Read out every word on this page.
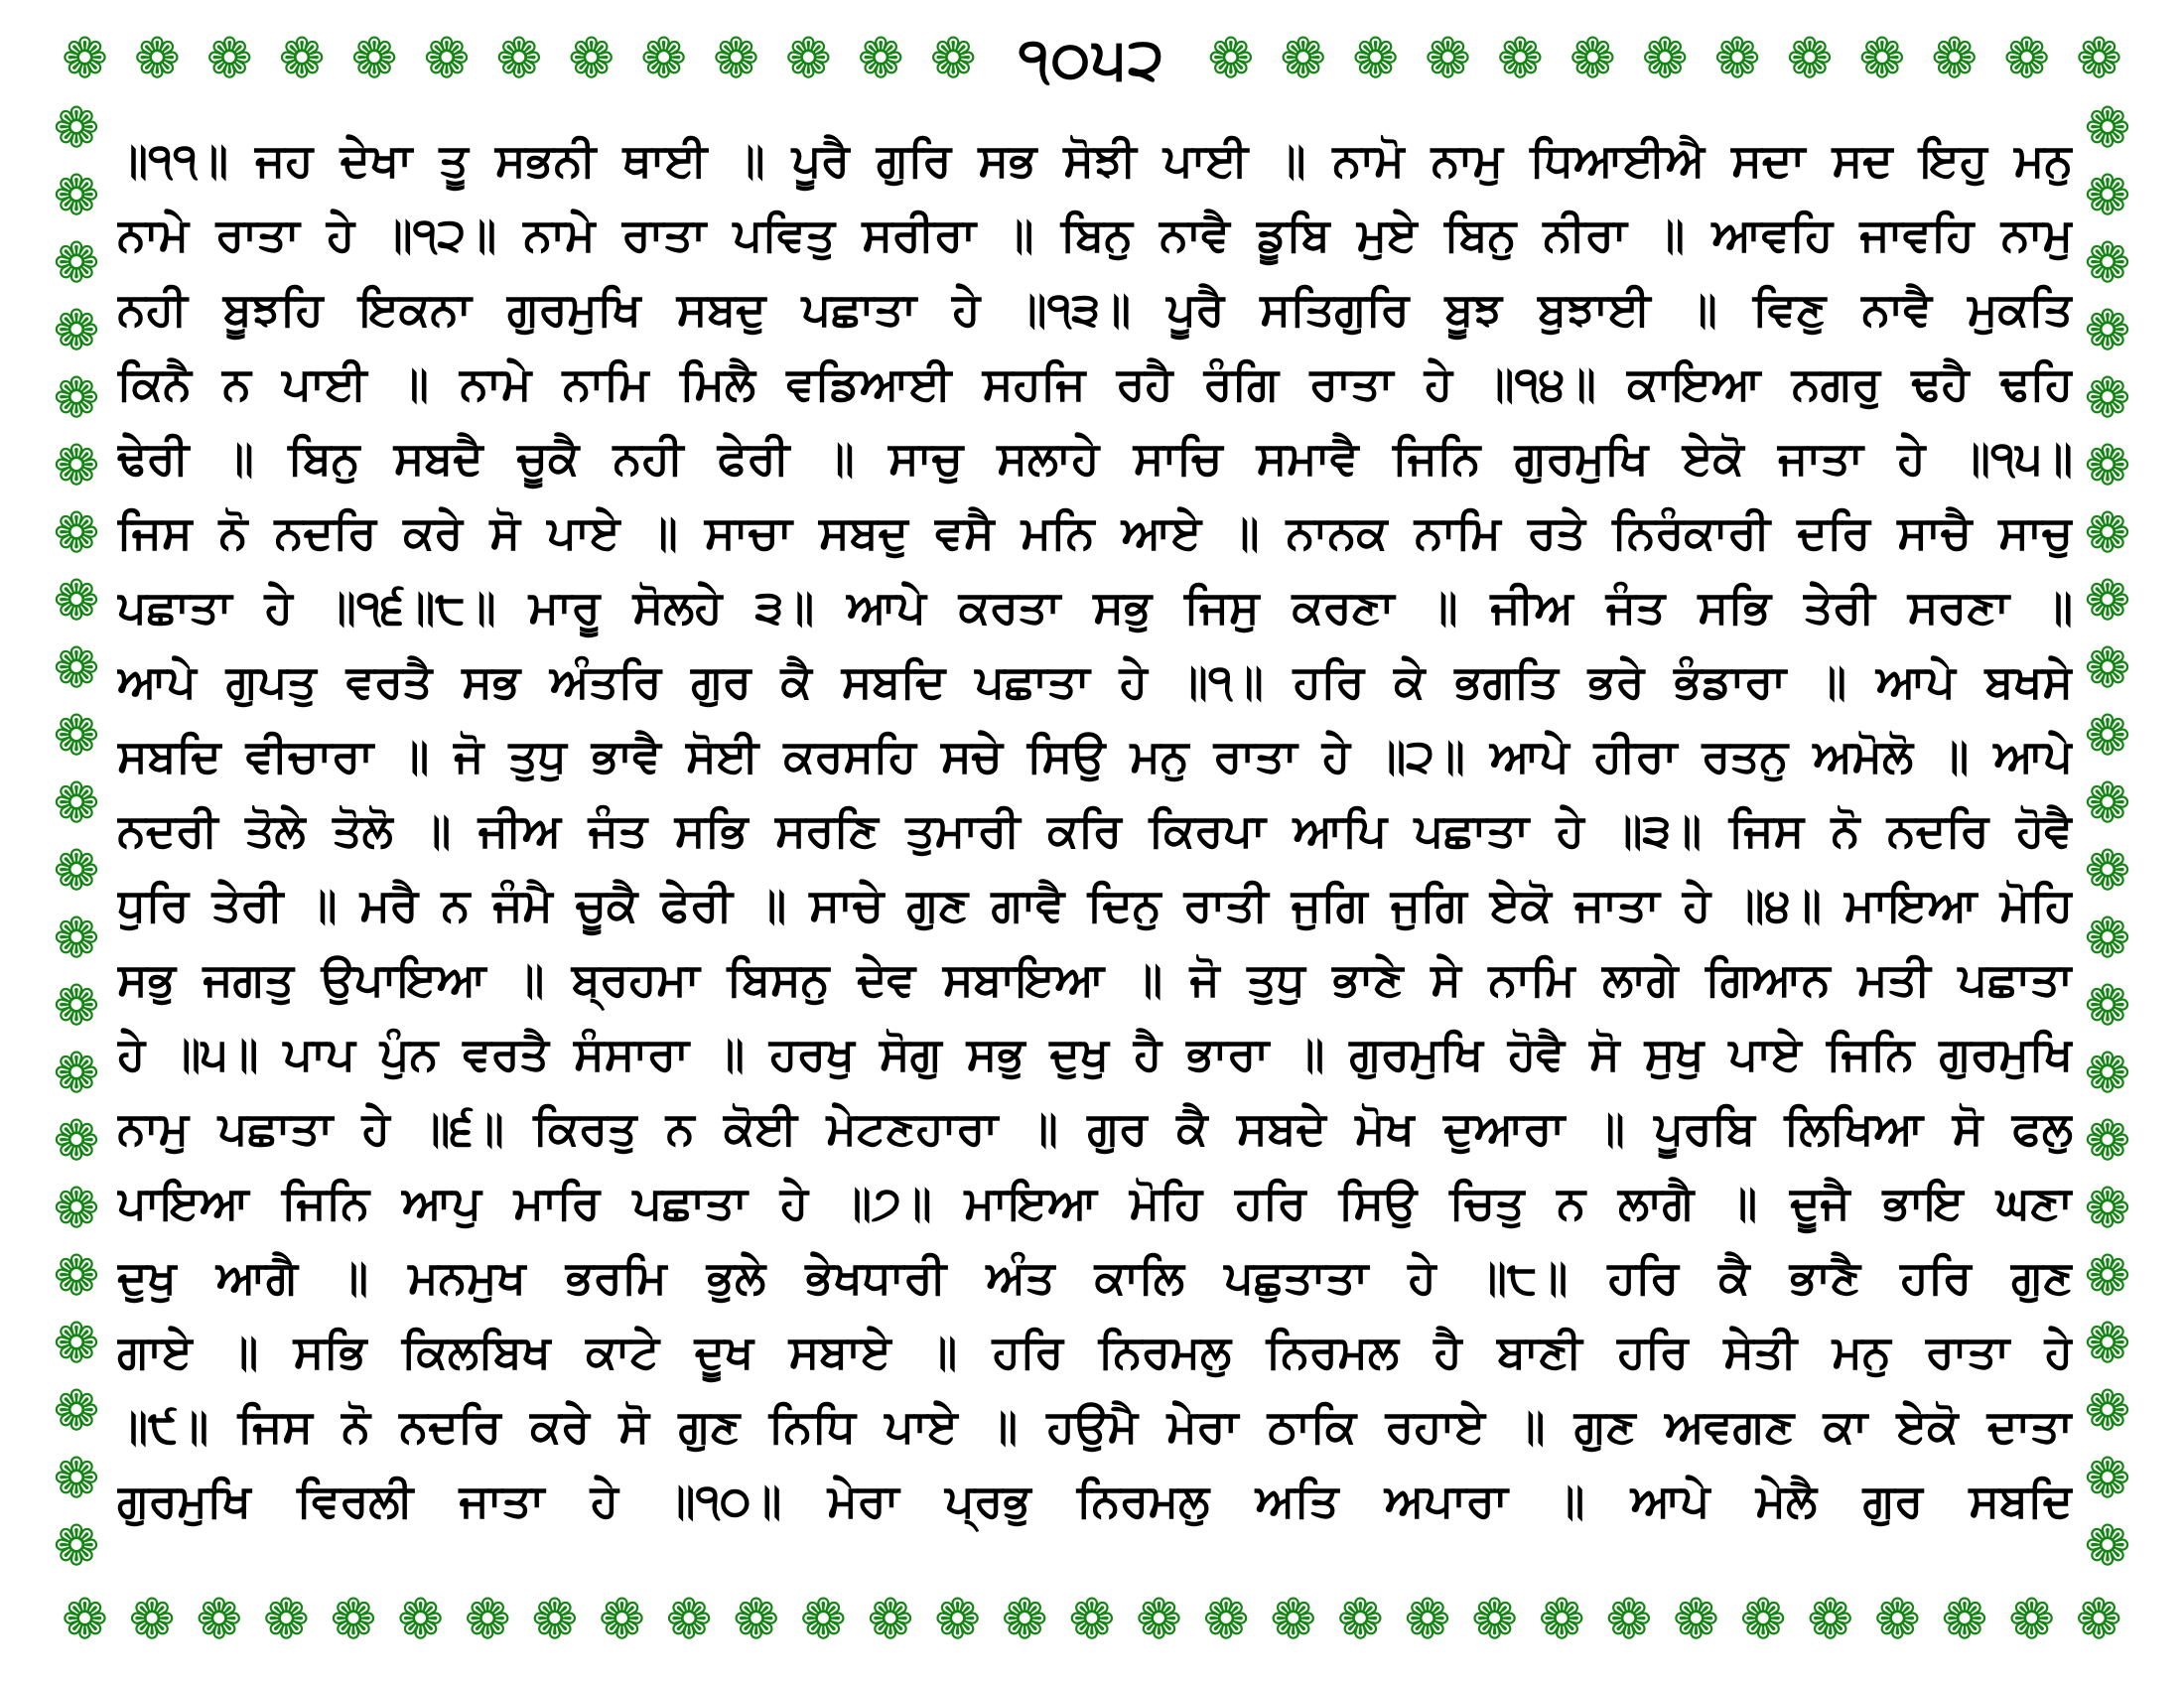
❁ ❁ ❁ ❁ ❁ ❁ ❁ ❁ ❁ ❁ ❁ ❁ ❁ ੧੦੫੨ ❁ ❁ ❁ ❁ ❁ ❁ ❁ ❁ ❁ ❁ ❁ ❁ ❁
❁
❁
❁
❁
❁
❁
❁
❁
❁
❁
❁
❁
❁
❁
❁
❁
❁
❁
❁
❁
❁
❁
❁
❁
❁
❁
❁
❁
❁
❁
❁
❁
❁
❁
❁
❁
❁
❁
❁
❁
❁
❁
❁
❁
॥੧੧॥ ਜਹ ਦੇਖਾ ਤੂ ਸਭਨੀ ਥਾਈ ॥ ਪੂਰੈ ਗੁਰਿ ਸਭ ਸੋਝੀ ਪਾਈ ॥ ਨਾਮੋ ਨਾਮੁ ਧਿਆਈਐ ਸਦਾ ਸਦ ਇਹੁ ਮਨੁ
ਨਾਮੇ ਰਾਤਾ ਹੇ ॥੧੨॥ ਨਾਮੇ ਰਾਤਾ ਪਵਿਤੁ ਸਰੀਰਾ ॥ ਬਿਨੁ ਨਾਵੈ ਡੂਬਿ ਮੁਏ ਬਿਨੁ ਨੀਰਾ ॥ ਆਵਹਿ ਜਾਵਹਿ ਨਾਮੁ
ਨਹੀ ਬੂਝਹਿ ਇਕਨਾ ਗੁਰਮੁਖਿ ਸਬਦੁ ਪਛਾਤਾ ਹੇ ॥੧੩॥ ਪੂਰੈ ਸਤਿਗੁਰਿ ਬੂਝ ਬੁਝਾਈ ॥ ਵਿਣੁ ਨਾਵੈ ਮੁਕਤਿ
ਕਿਨੈ ਨ ਪਾਈ ॥ ਨਾਮੇ ਨਾਮਿ ਮਿਲੈ ਵਡਿਆਈ ਸਹਜਿ ਰਹੈ ਰੰਗਿ ਰਾਤਾ ਹੇ ॥੧੪॥ ਕਾਇਆ ਨਗਰੁ ਢਹੈ ਢਹਿ
ਢੇਰੀ ॥ ਬਿਨੁ ਸਬਦੈ ਚੂਕੈ ਨਹੀ ਫੇਰੀ ॥ ਸਾਚੁ ਸਲਾਹੇ ਸਾਚਿ ਸਮਾਵੈ ਜਿਨਿ ਗੁਰਮੁਖਿ ਏਕੋ ਜਾਤਾ ਹੇ ॥੧੫॥
ਜਿਸ ਨੋ ਨਦਰਿ ਕਰੇ ਸੋ ਪਾਏ ॥ ਸਾਚਾ ਸਬਦੁ ਵਸੈ ਮਨਿ ਆਏ ॥ ਨਾਨਕ ਨਾਮਿ ਰਤੇ ਨਿਰੰਕਾਰੀ ਦਰਿ ਸਾਚੈ ਸਾਚੁ
ਪਛਾਤਾ ਹੇ ॥੧੬॥੮॥ ਮਾਰੂ ਸੋਲਹੇ ੩॥ ਆਪੇ ਕਰਤਾ ਸਭੁ ਜਿਸੁ ਕਰਣਾ ॥ ਜੀਅ ਜੰਤ ਸਭਿ ਤੇਰੀ ਸਰਣਾ ॥
ਆਪੇ ਗੁਪਤੁ ਵਰਤੈ ਸਭ ਅੰਤਰਿ ਗੁਰ ਕੈ ਸਬਦਿ ਪਛਾਤਾ ਹੇ ॥੧॥ ਹਰਿ ਕੇ ਭਗਤਿ ਭਰੇ ਭੰਡਾਰਾ ॥ ਆਪੇ ਬਖਸੇ
ਸਬਦਿ ਵੀਚਾਰਾ ॥ ਜੋ ਤੁਧੁ ਭਾਵੈ ਸੋਈ ਕਰਸਹਿ ਸਚੇ ਸਿਉ ਮਨੁ ਰਾਤਾ ਹੇ ॥੨॥ ਆਪੇ ਹੀਰਾ ਰਤਨੁ ਅਮੋਲੋ ॥ ਆਪੇ
ਨਦਰੀ ਤੋਲੇ ਤੋਲੋ ॥ ਜੀਅ ਜੰਤ ਸਭਿ ਸਰਣਿ ਤੁਮਾਰੀ ਕਰਿ ਕਿਰਪਾ ਆਪਿ ਪਛਾਤਾ ਹੇ ॥੩॥ ਜਿਸ ਨੋ ਨਦਰਿ ਹੋਵੈ
ਧੁਰਿ ਤੇਰੀ ॥ ਮਰੈ ਨ ਜੰਮੈ ਚੂਕੈ ਫੇਰੀ ॥ ਸਾਚੇ ਗੁਣ ਗਾਵੈ ਦਿਨੁ ਰਾਤੀ ਜੁਗਿ ਜੁਗਿ ਏਕੋ ਜਾਤਾ ਹੇ ॥੪॥ ਮਾਇਆ ਮੋਹਿ
ਸਭੁ ਜਗਤੁ ਉਪਾਇਆ ॥ ਬ੍ਰਹਮਾ ਬਿਸਨੁ ਦੇਵ ਸਬਾਇਆ ॥ ਜੋ ਤੁਧੁ ਭਾਣੇ ਸੇ ਨਾਮਿ ਲਾਗੇ ਗਿਆਨ ਮਤੀ ਪਛਾਤਾ
ਹੇ ॥੫॥ ਪਾਪ ਪੁੰਨ ਵਰਤੈ ਸੰਸਾਰਾ ॥ ਹਰਖੁ ਸੋਗੁ ਸਭੁ ਦੁਖੁ ਹੈ ਭਾਰਾ ॥ ਗੁਰਮੁਖਿ ਹੋਵੈ ਸੋ ਸੁਖੁ ਪਾਏ ਜਿਨਿ ਗੁਰਮੁਖਿ
ਨਾਮੁ ਪਛਾਤਾ ਹੇ ॥੬॥ ਕਿਰਤੁ ਨ ਕੋਈ ਮੇਟਣਹਾਰਾ ॥ ਗੁਰ ਕੈ ਸਬਦੇ ਮੋਖ ਦੁਆਰਾ ॥ ਪੂਰਬਿ ਲਿਖਿਆ ਸੋ ਫਲੁ
ਪਾਇਆ ਜਿਨਿ ਆਪੁ ਮਾਰਿ ਪਛਾਤਾ ਹੇ ॥੭॥ ਮਾਇਆ ਮੋਹਿ ਹਰਿ ਸਿਉ ਚਿਤੁ ਨ ਲਾਗੈ ॥ ਦੂਜੈ ਭਾਇ ਘਣਾ
ਦੁਖੁ ਆਗੈ ॥ ਮਨਮੁਖ ਭਰਮਿ ਭੁਲੇ ਭੇਖਧਾਰੀ ਅੰਤ ਕਾਲਿ ਪਛੁਤਾਤਾ ਹੇ ॥੮॥ ਹਰਿ ਕੈ ਭਾਣੈ ਹਰਿ ਗੁਣ
ਗਾਏ ॥ ਸਭਿ ਕਿਲਬਿਖ ਕਾਟੇ ਦੂਖ ਸਬਾਏ ॥ ਹਰਿ ਨਿਰਮਲੁ ਨਿਰਮਲ ਹੈ ਬਾਣੀ ਹਰਿ ਸੇਤੀ ਮਨੁ ਰਾਤਾ ਹੇ
॥੯॥ ਜਿਸ ਨੋ ਨਦਰਿ ਕਰੇ ਸੋ ਗੁਣ ਨਿਧਿ ਪਾਏ ॥ ਹਉਮੈ ਮੇਰਾ ਠਾਕਿ ਰਹਾਏ ॥ ਗੁਣ ਅਵਗਣ ਕਾ ਏਕੋ ਦਾਤਾ
ਗੁਰਮੁਖਿ ਵਿਰਲੀ ਜਾਤਾ ਹੇ ॥੧੦॥ ਮੇਰਾ ਪ੍ਰਭੁ ਨਿਰਮਲੁ ਅਤਿ ਅਪਾਰਾ ॥ ਆਪੇ ਮੇਲੈ ਗੁਰ ਸਬਦਿ
❁ ❁ ❁ ❁ ❁ ❁ ❁ ❁ ❁ ❁ ❁ ❁ ❁ ❁ ❁ ❁ ❁ ❁ ❁ ❁ ❁ ❁ ❁ ❁ ❁ ❁ ❁ ❁ ❁ ❁ ❁
